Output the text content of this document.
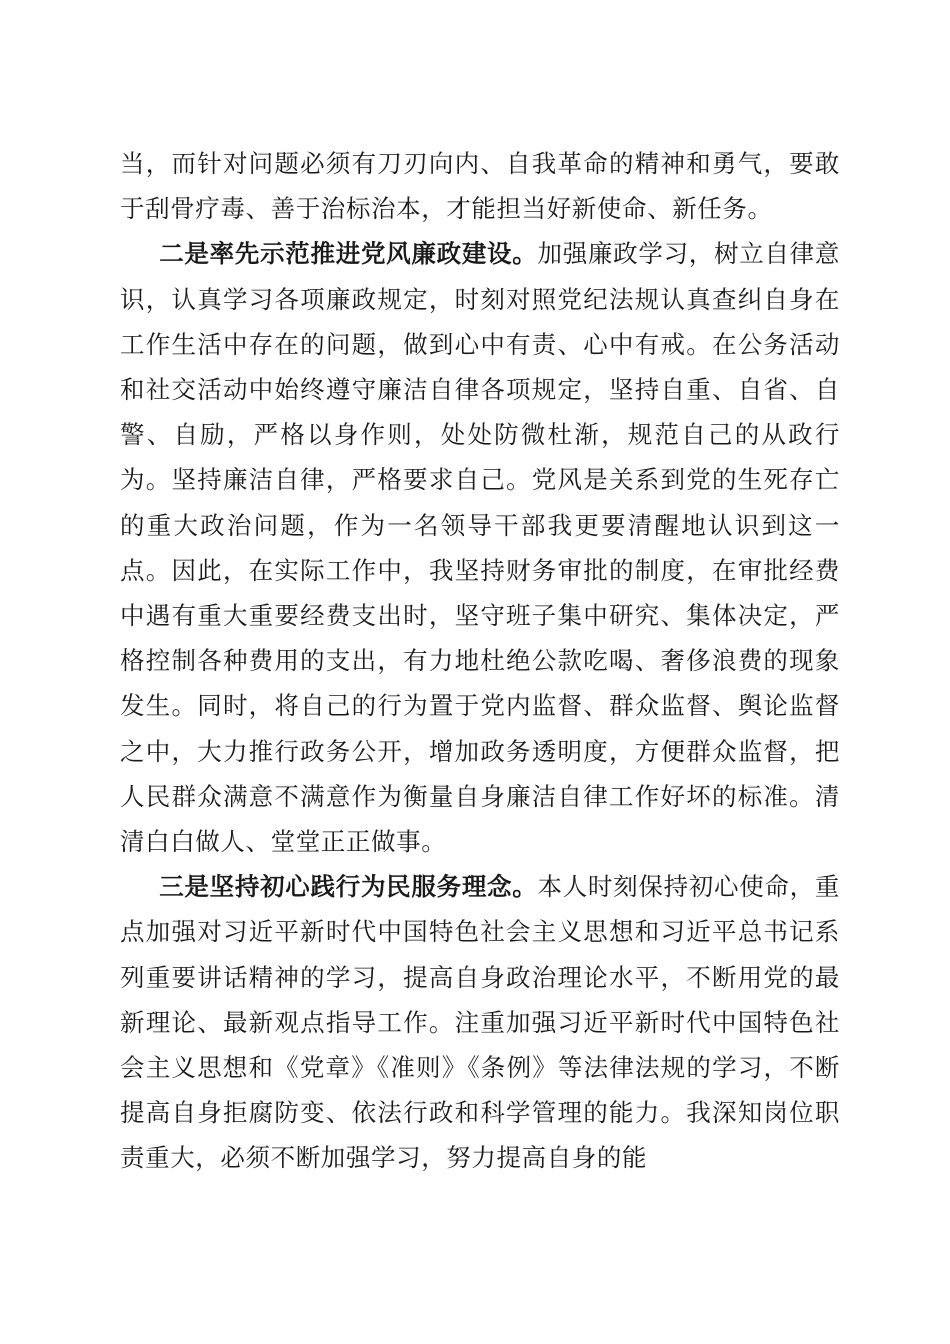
当，而针对问题必须有刀刃向内、自我革命的精神和勇气，要敢于刮骨疗毒、善于治标治本，才能担当好新使命、新任务。

二是率先示范推进党风廉政建设。加强廉政学习，树立自律意识，认真学习各项廉政规定，时刻对照党纪法规认真查纠自身在工作生活中存在的问题，做到心中有责、心中有戒。在公务活动和社交活动中始终遵守廉洁自律各项规定，坚持自重、自省、自警、自励，严格以身作则，处处防微杜渐，规范自己的从政行为。坚持廉洁自律，严格要求自己。党风是关系到党的生死存亡的重大政治问题，作为一名领导干部我更要清醒地认识到这一点。因此，在实际工作中，我坚持财务审批的制度，在审批经费中遇有重大重要经费支出时，坚守班子集中研究、集体决定，严格控制各种费用的支出，有力地杜绝公款吃喝、奢侈浪费的现象发生。同时，将自己的行为置于党内监督、群众监督、舆论监督之中，大力推行政务公开，增加政务透明度，方便群众监督，把人民群众满意不满意作为衡量自身廉洁自律工作好坏的标准。清清白白做人、堂堂正正做事。

三是坚持初心践行为民服务理念。本人时刻保持初心使命，重点加强对习近平新时代中国特色社会主义思想和习近平总书记系列重要讲话精神的学习，提高自身政治理论水平，不断用党的最新理论、最新观点指导工作。注重加强习近平新时代中国特色社会主义思想和《党章》《准则》《条例》等法律法规的学习，不断提高自身拒腐防变、依法行政和科学管理的能力。我深知岗位职责重大，必须不断加强学习，努力提高自身的能
